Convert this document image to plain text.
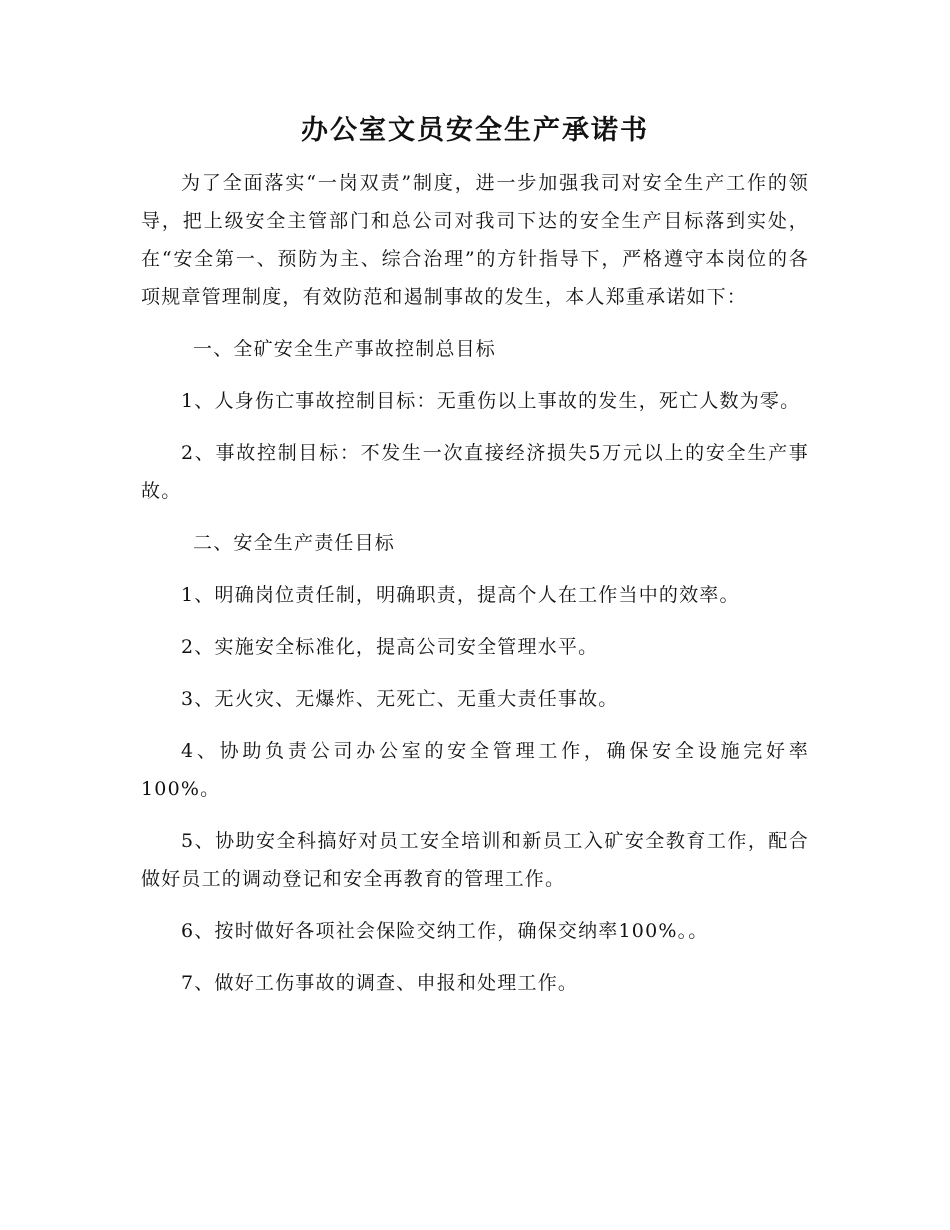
办公室文员安全生产承诺书

为了全面落实“一岗双责”制度，进一步加强我司对安全生产工作的领导，把上级安全主管部门和总公司对我司下达的安全生产目标落到实处，在“安全第一、预防为主、综合治理”的方针指导下，严格遵守本岗位的各项规章管理制度，有效防范和遏制事故的发生，本人郑重承诺如下：

一、全矿安全生产事故控制总目标

1、人身伤亡事故控制目标：无重伤以上事故的发生，死亡人数为零。

2、事故控制目标：不发生一次直接经济损失5万元以上的安全生产事故。

二、安全生产责任目标

1、明确岗位责任制，明确职责，提高个人在工作当中的效率。

2、实施安全标准化，提高公司安全管理水平。

3、无火灾、无爆炸、无死亡、无重大责任事故。

4、协助负责公司办公室的安全管理工作，确保安全设施完好率100%。

5、协助安全科搞好对员工安全培训和新员工入矿安全教育工作，配合做好员工的调动登记和安全再教育的管理工作。

6、按时做好各项社会保险交纳工作，确保交纳率100%。。

7、做好工伤事故的调查、申报和处理工作。
